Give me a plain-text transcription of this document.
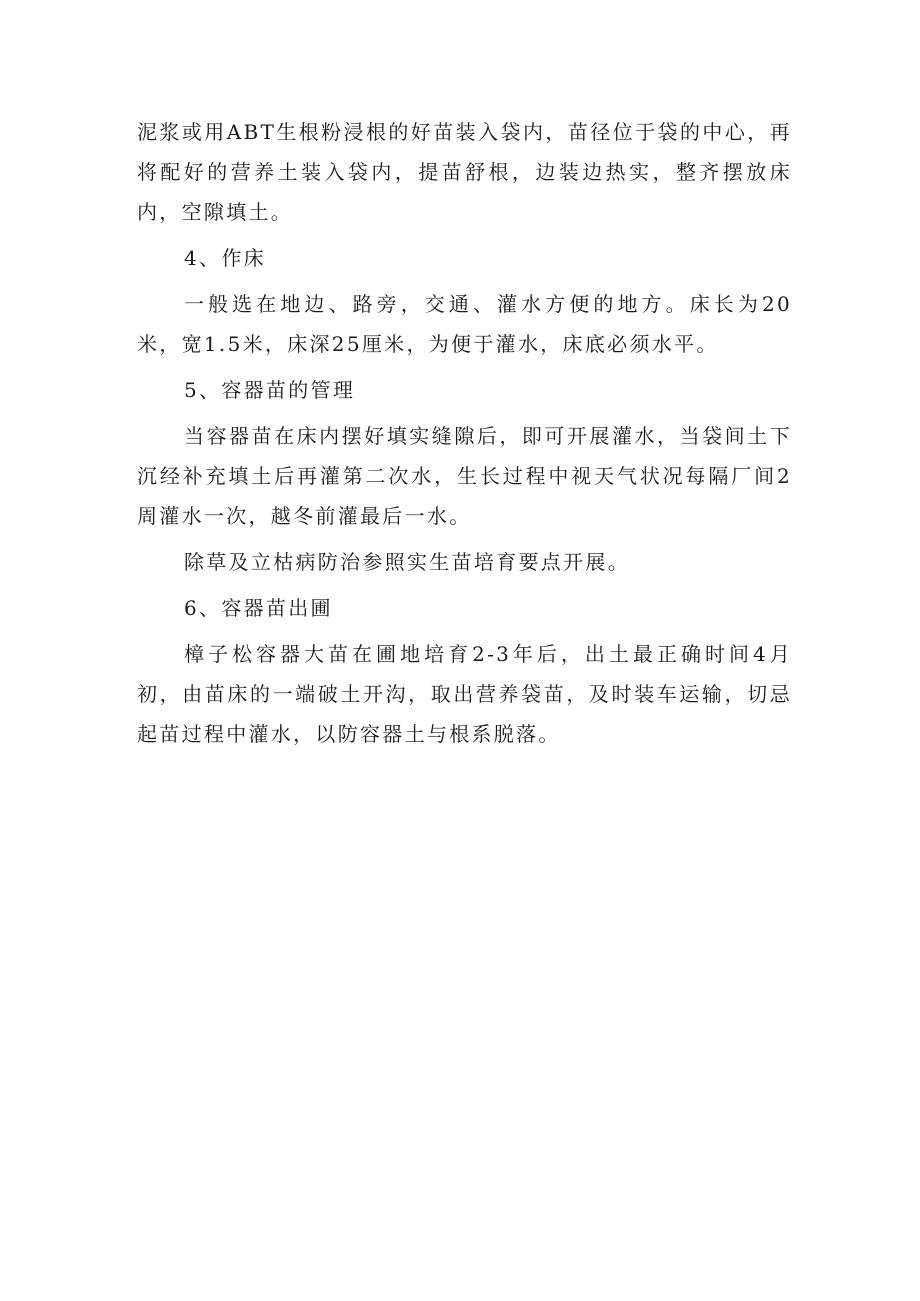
泥浆或用ABT生根粉浸根的好苗装入袋内，苗径位于袋的中心，再将配好的营养土装入袋内，提苗舒根，边装边热实，整齐摆放床内，空隙填土。

4、作床

一般选在地边、路旁，交通、灌水方便的地方。床长为20米，宽1.5米，床深25厘米，为便于灌水，床底必须水平。

5、容器苗的管理

当容器苗在床内摆好填实缝隙后，即可开展灌水，当袋间土下沉经补充填土后再灌第二次水，生长过程中视天气状况每隔厂间2周灌水一次，越冬前灌最后一水。

除草及立枯病防治参照实生苗培育要点开展。

6、容器苗出圃

樟子松容器大苗在圃地培育2-3年后，出土最正确时间4月初，由苗床的一端破土开沟，取出营养袋苗，及时装车运输，切忌起苗过程中灌水，以防容器土与根系脱落。
